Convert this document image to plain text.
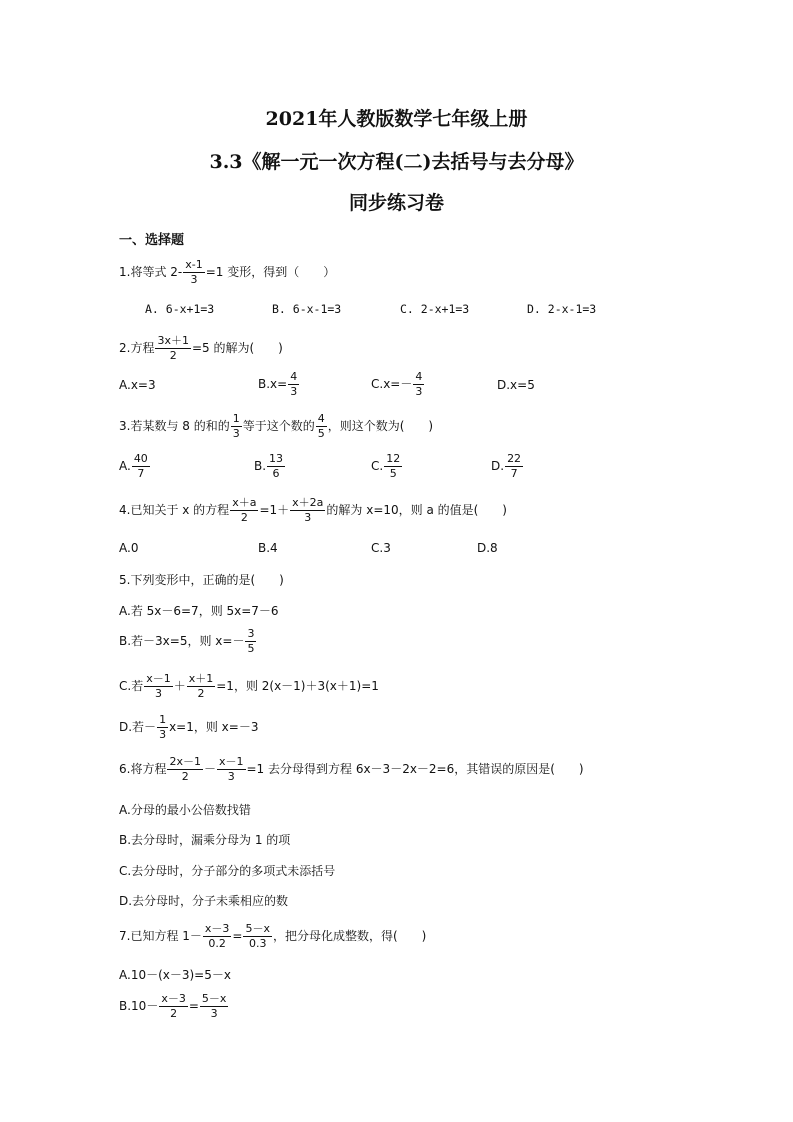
2021年人教版数学七年级上册
3.3《解一元一次方程(二)去括号与去分母》
同步练习卷
一、选择题
1.将等式 $2- \frac{x-1}{3} =1$ 变形，得到（　　）
A. 6-x+1=3	B. 6-x-1=3	C. 2-x+1=3	D. 2-x-1=3
2.方程 $\frac{3x+1}{2} =5$ 的解为(　　)
A.x=3	$B.x= \frac{4}{3}$	$C.x=- \frac{4}{3}$	D.x=5
3.若某数与 8 的和的 $\frac{1}{3}$ 等于这个数的 $\frac{4}{5}$ ，则这个数为(　　)
A. $\frac{40}{7}$	B. $\frac{13}{6}$	C. $\frac{12}{5}$	D. $\frac{22}{7}$
4.已知关于 x 的方程 $\frac{x+a}{2} =1+ \frac{x+2a}{3}$ 的解为 x=10，则 a 的值是(　　)
A.0	B.4	C.3	D.8
5.下列变形中，正确的是(　　)
A.若 5x－6=7，则 5x=7－6
B.若－3x=5，则 $x=- \frac{3}{5}$
C.若 $\frac{x-1}{3} + \frac{x+1}{2} =1$，则 2(x－1)＋3(x＋1)=1
D.若－ $\frac{1}{3} x=1$，则 x=－3
6.将方程 $\frac{2x-1}{2} - \frac{x-1}{3} =1$ 去分母得到方程 6x－3－2x－2=6，其错误的原因是(　　)
A.分母的最小公倍数找错
B.去分母时，漏乘分母为 1 的项
C.去分母时，分子部分的多项式未添括号
D.去分母时，分子未乘相应的数
7.已知方程 $1- \frac{x-3}{0.2} = \frac{5-x}{0.3}$ ，把分母化成整数，得(　　)
A.10－(x－3)=5－x
$B.10- \frac{x-3}{2} = \frac{5-x}{3}$
